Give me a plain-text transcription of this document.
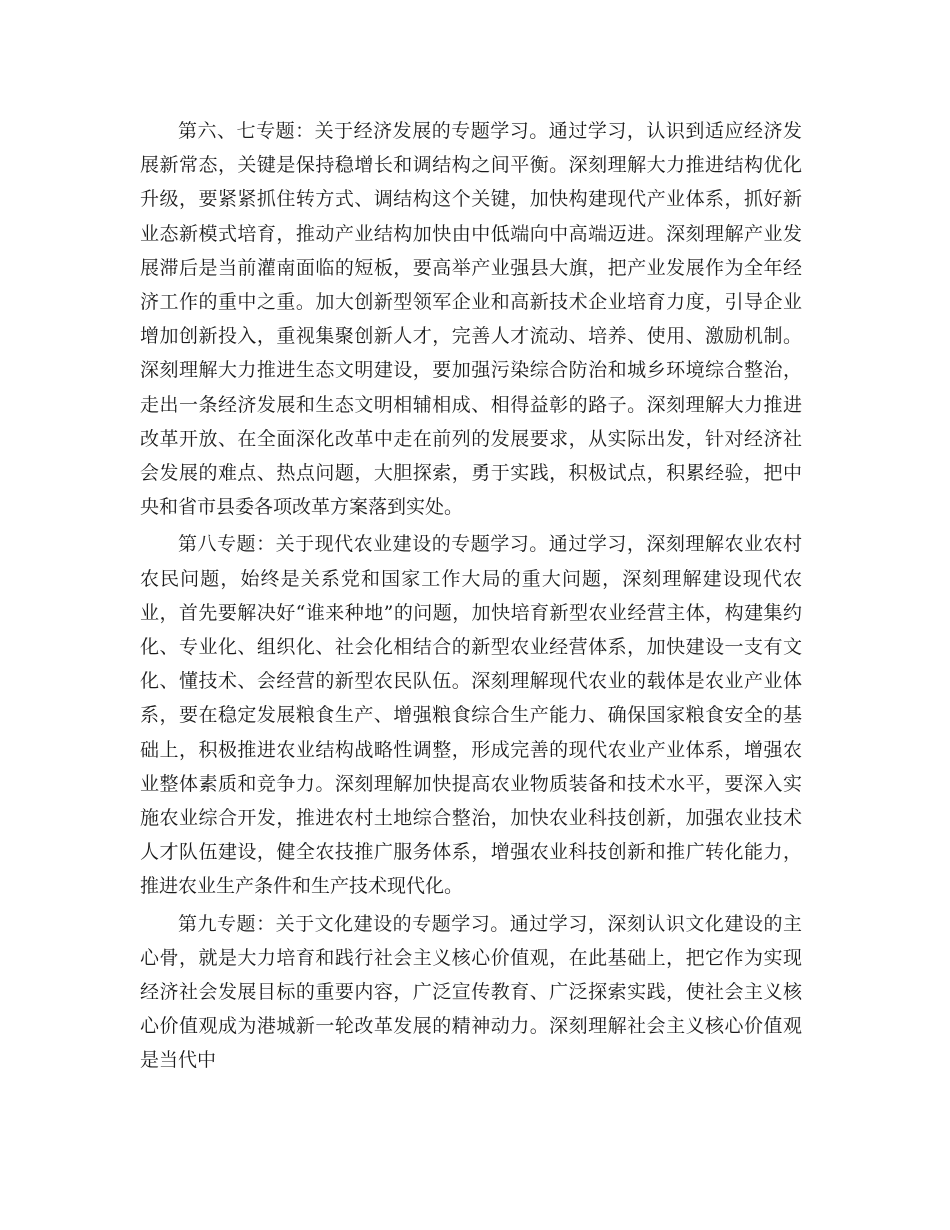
第六、七专题：关于经济发展的专题学习。通过学习，认识到适应经济发展新常态，关键是保持稳增长和调结构之间平衡。深刻理解大力推进结构优化升级，要紧紧抓住转方式、调结构这个关键，加快构建现代产业体系，抓好新业态新模式培育，推动产业结构加快由中低端向中高端迈进。深刻理解产业发展滞后是当前灌南面临的短板，要高举产业强县大旗，把产业发展作为全年经济工作的重中之重。加大创新型领军企业和高新技术企业培育力度，引导企业增加创新投入，重视集聚创新人才，完善人才流动、培养、使用、激励机制。深刻理解大力推进生态文明建设，要加强污染综合防治和城乡环境综合整治，走出一条经济发展和生态文明相辅相成、相得益彰的路子。深刻理解大力推进改革开放、在全面深化改革中走在前列的发展要求，从实际出发，针对经济社会发展的难点、热点问题，大胆探索，勇于实践，积极试点，积累经验，把中央和省市县委各项改革方案落到实处。

第八专题：关于现代农业建设的专题学习。通过学习，深刻理解农业农村农民问题，始终是关系党和国家工作大局的重大问题，深刻理解建设现代农业，首先要解决好“谁来种地”的问题，加快培育新型农业经营主体，构建集约化、专业化、组织化、社会化相结合的新型农业经营体系，加快建设一支有文化、懂技术、会经营的新型农民队伍。深刻理解现代农业的载体是农业产业体系，要在稳定发展粮食生产、增强粮食综合生产能力、确保国家粮食安全的基础上，积极推进农业结构战略性调整，形成完善的现代农业产业体系，增强农业整体素质和竞争力。深刻理解加快提高农业物质装备和技术水平，要深入实施农业综合开发，推进农村土地综合整治，加快农业科技创新，加强农业技术人才队伍建设，健全农技推广服务体系，增强农业科技创新和推广转化能力，推进农业生产条件和生产技术现代化。

第九专题：关于文化建设的专题学习。通过学习，深刻认识文化建设的主心骨，就是大力培育和践行社会主义核心价值观，在此基础上，把它作为实现经济社会发展目标的重要内容，广泛宣传教育、广泛探索实践，使社会主义核心价值观成为港城新一轮改革发展的精神动力。深刻理解社会主义核心价值观是当代中
